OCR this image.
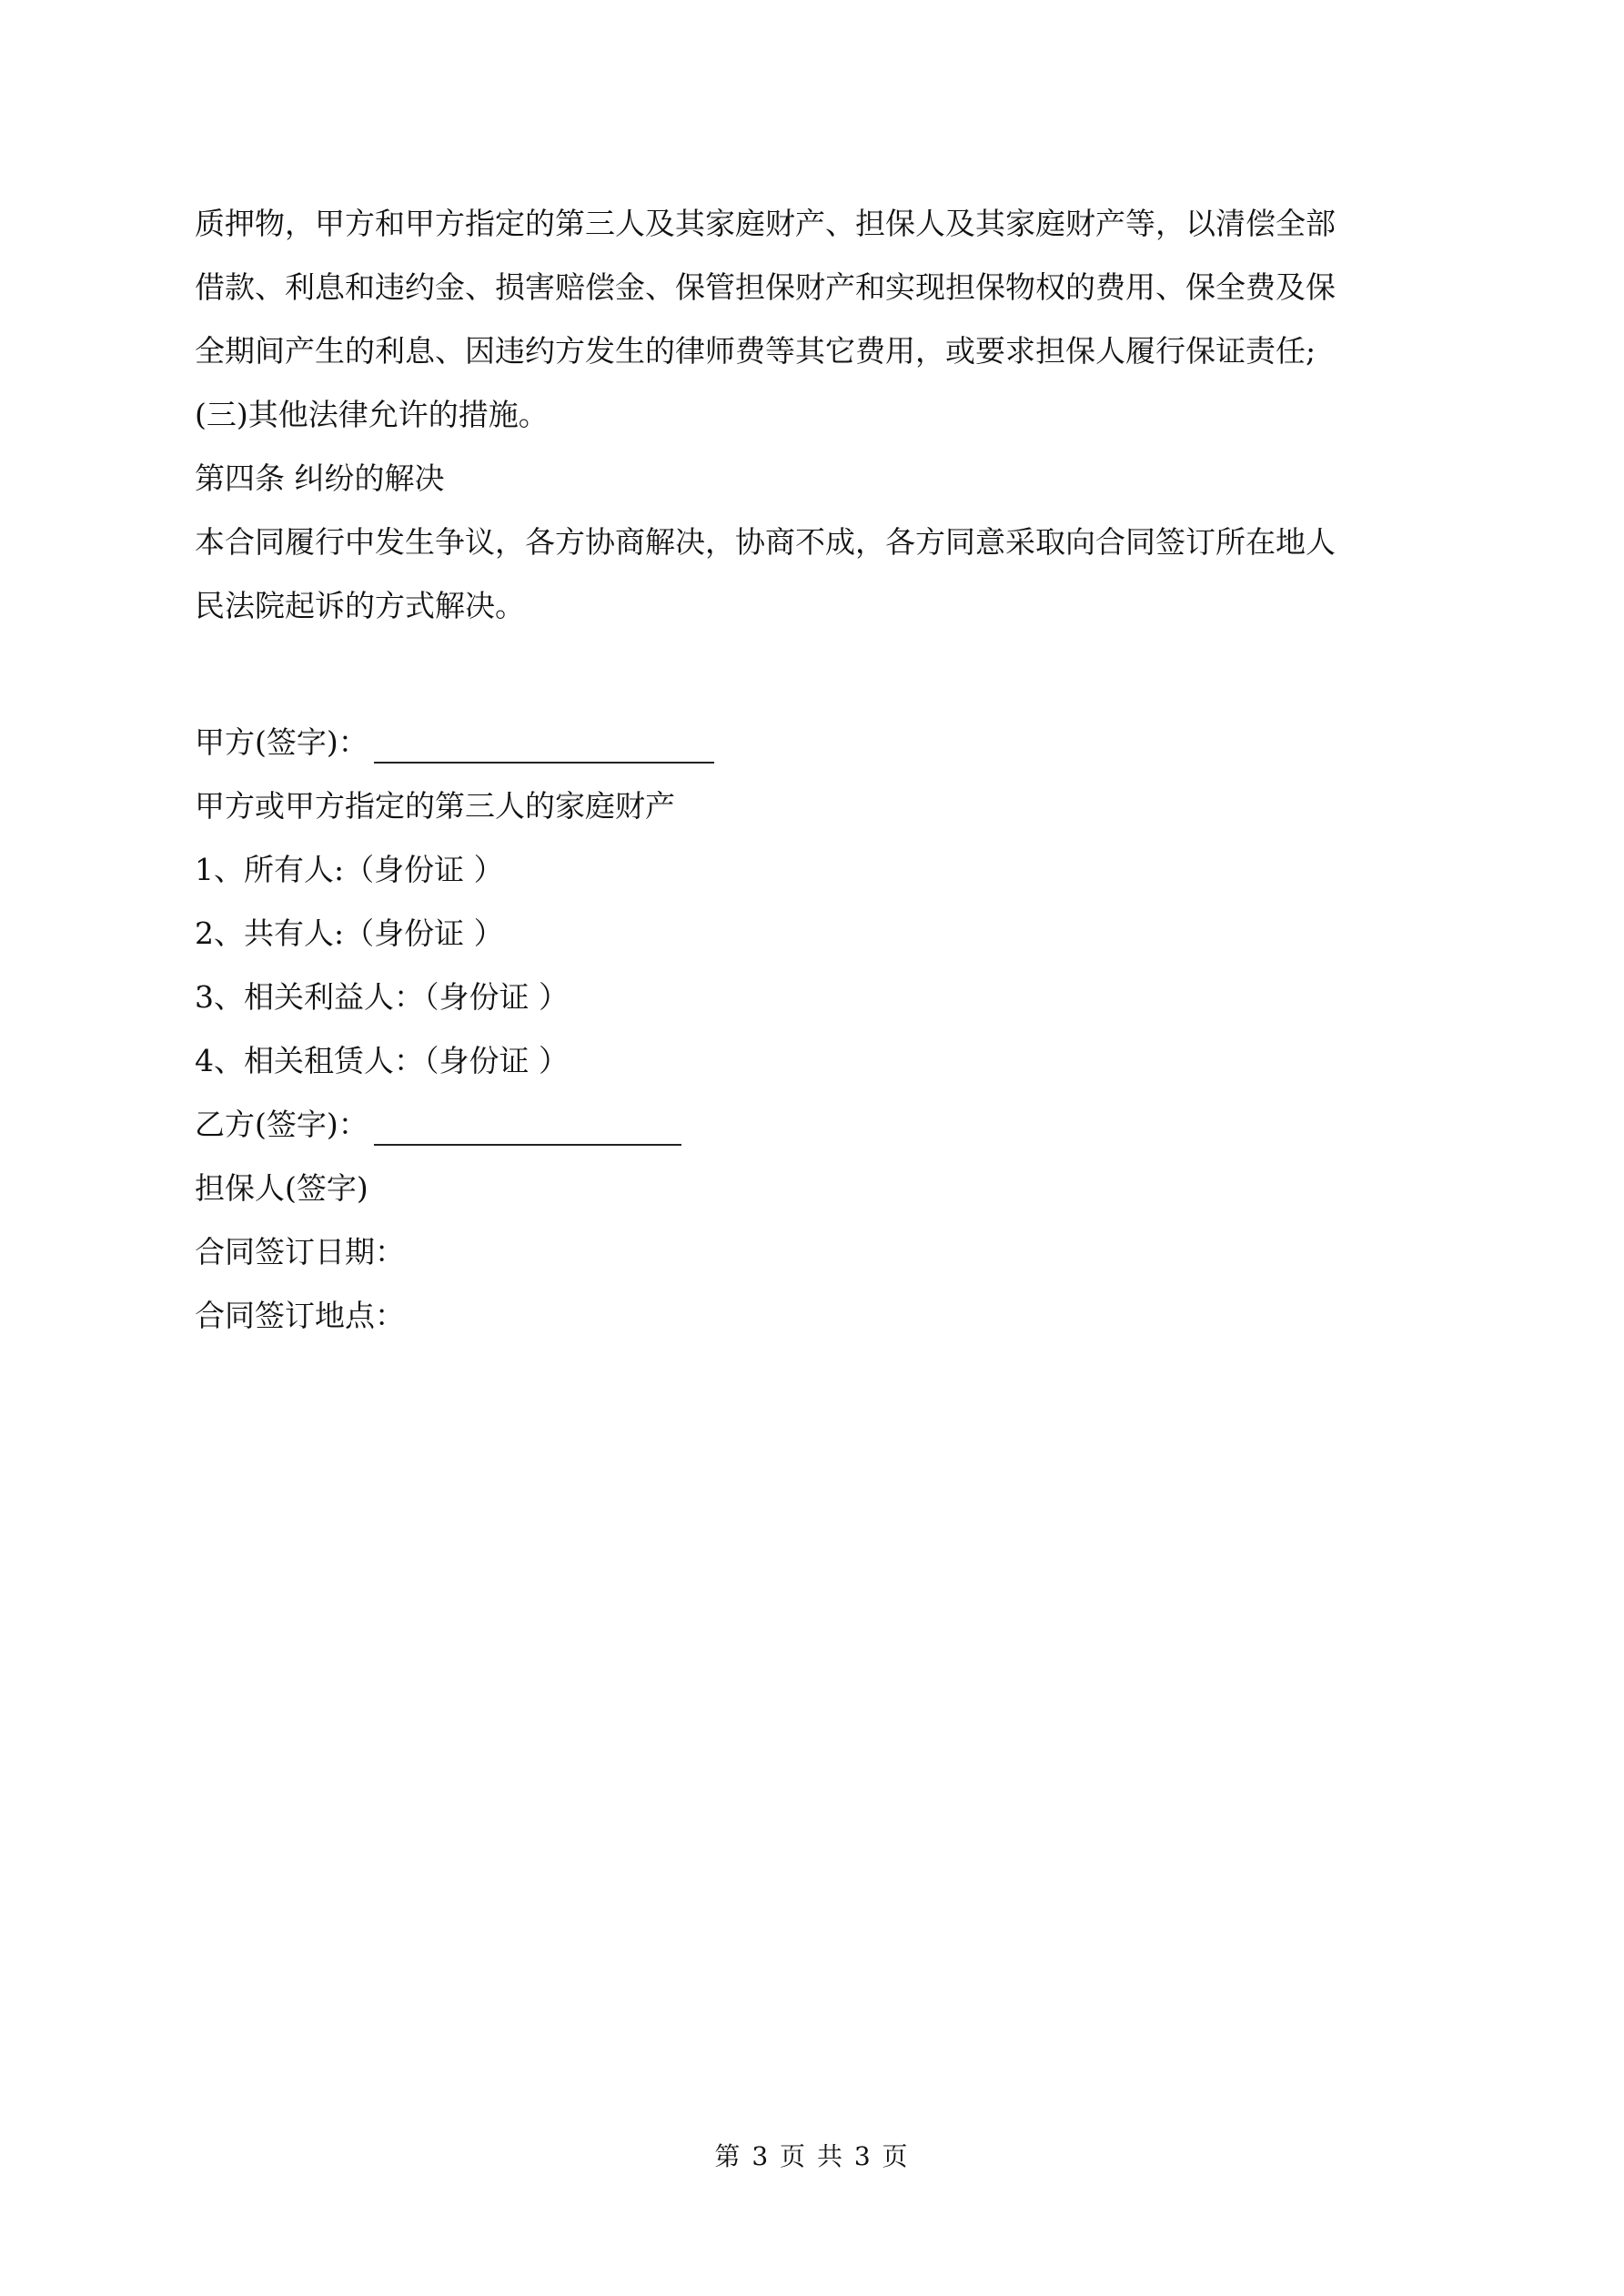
质押物，甲方和甲方指定的第三人及其家庭财产、担保人及其家庭财产等，以清偿全部
借款、利息和违约金、损害赔偿金、保管担保财产和实现担保物权的费用、保全费及保
全期间产生的利息、因违约方发生的律师费等其它费用，或要求担保人履行保证责任;
(三)其他法律允许的措施。
第四条 纠纷的解决
本合同履行中发生争议，各方协商解决，协商不成，各方同意采取向合同签订所在地人
民法院起诉的方式解决。
甲方(签字)：
甲方或甲方指定的第三人的家庭财产
1、所有人:（身份证 ）
2、共有人:（身份证 ）
3、相关利益人：（身份证 ）
4、相关租赁人：（身份证 ）
乙方(签字)：
担保人(签字)
合同签订日期：
合同签订地点：
第 3 页 共 3 页
